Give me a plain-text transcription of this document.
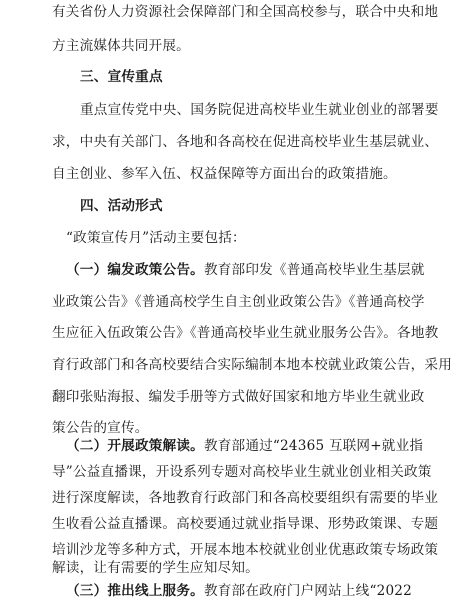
有关省份人力资源社会保障部门和全国高校参与，联合中央和地
方主流媒体共同开展。
三、宣传重点
重点宣传党中央、国务院促进高校毕业生就业创业的部署要
求，中央有关部门、各地和各高校在促进高校毕业生基层就业、
自主创业、参军入伍、权益保障等方面出台的政策措施。
四、活动形式
“政策宣传月”活动主要包括：
（一）编发政策公告。教育部印发《普通高校毕业生基层就
业政策公告》《普通高校学生自主创业政策公告》《普通高校学
生应征入伍政策公告》《普通高校毕业生就业服务公告》。各地教
育行政部门和各高校要结合实际编制本地本校就业政策公告，采用
翻印张贴海报、编发手册等方式做好国家和地方毕业生就业政
策公告的宣传。
（二）开展政策解读。教育部通过“24365 互联网+就业指
导”公益直播课，开设系列专题对高校毕业生就业创业相关政策
进行深度解读，各地教育行政部门和各高校要组织有需要的毕业
生收看公益直播课。高校要通过就业指导课、形势政策课、专题
（三）推出线上服务。教育部在政府门户网站上线“2022
培训沙龙等多种方式，开展本地本校就业创业优惠政策专场政策
解读，让有需要的学生应知尽知。
